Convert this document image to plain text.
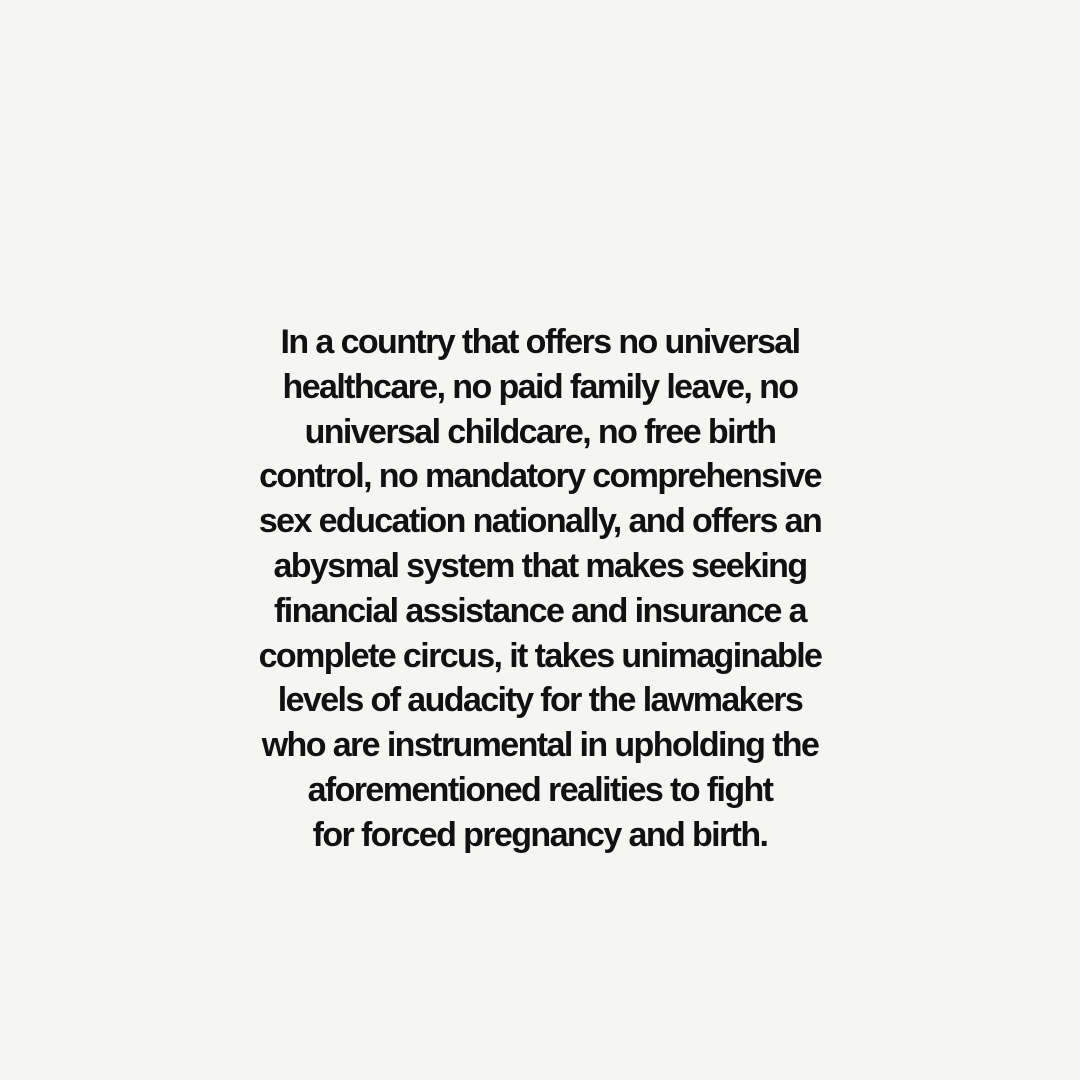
In a country that offers no universal
healthcare, no paid family leave, no
universal childcare, no free birth
control, no mandatory comprehensive
sex education nationally, and offers an
abysmal system that makes seeking
financial assistance and insurance a
complete circus, it takes unimaginable
levels of audacity for the lawmakers
who are instrumental in upholding the
aforementioned realities to fight
for forced pregnancy and birth.
